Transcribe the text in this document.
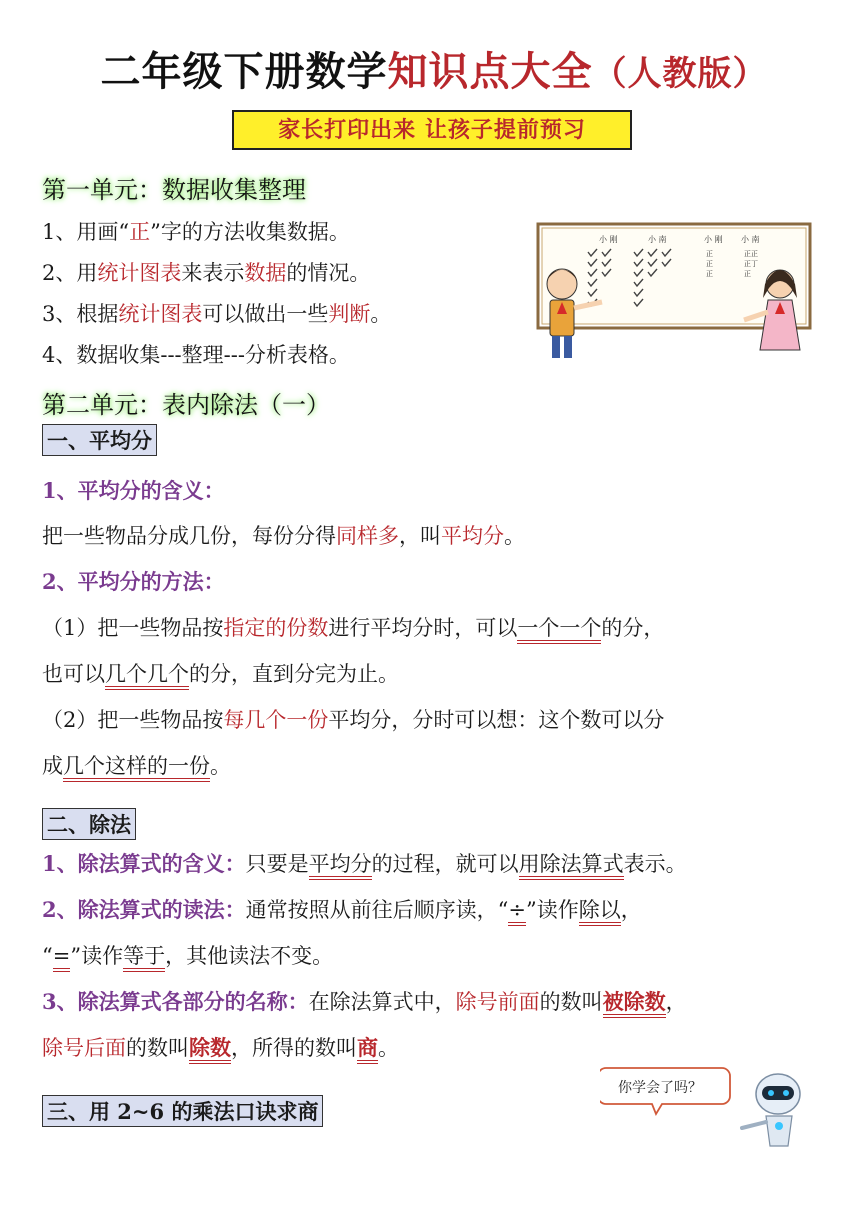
二年级下册数学知识点大全（人教版）
家长打印出来 让孩子提前预习
第一单元：数据收集整理
1、用画“正”字的方法收集数据。
2、用统计图表来表示数据的情况。
3、根据统计图表可以做出一些判断。
4、数据收集---整理---分析表格。
小 刚	小 南	小 刚 小 南
正
正
正
正正
正丁
正
第二单元：表内除法（一）
一、平均分
1、平均分的含义：
把一些物品分成几份，每份分得同样多，叫平均分。
2、平均分的方法：
（1）把一些物品按指定的份数进行平均分时，可以一个一个的分，
也可以几个几个的分，直到分完为止。
（2）把一些物品按每几个一份平均分，分时可以想：这个数可以分
成几个这样的一份。
二、除法
1、除法算式的含义：只要是平均分的过程，就可以用除法算式表示。
2、除法算式的读法：通常按照从前往后顺序读，“÷”读作除以，
“=”读作等于，其他读法不变。
3、除法算式各部分的名称：在除法算式中，除号前面的数叫被除数，
除号后面的数叫除数，所得的数叫商。
三、用 2~6 的乘法口诀求商
你学会了吗？
